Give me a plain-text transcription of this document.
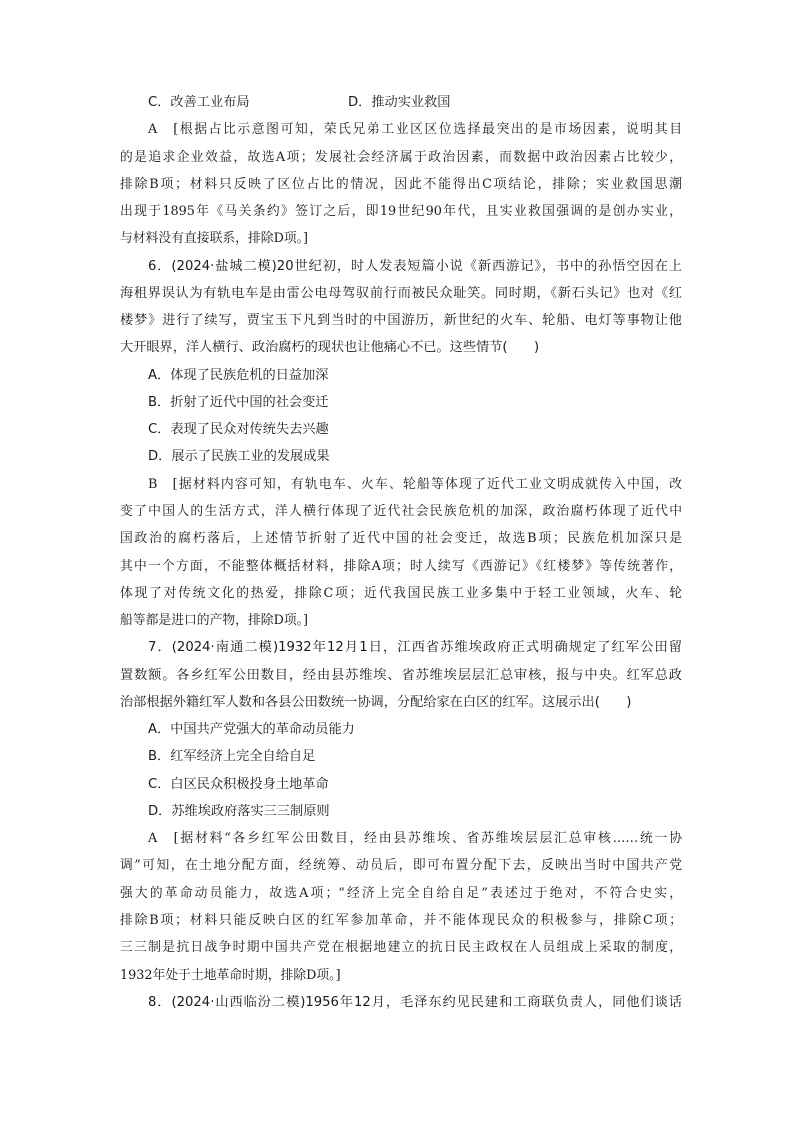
C．改善工业布局	D．推动实业救国
A　[根据占比示意图可知，荣氏兄弟工业区区位选择最突出的是市场因素，说明其目
的是追求企业效益，故选A项；发展社会经济属于政治因素，而数据中政治因素占比较少，
排除B项；材料只反映了区位占比的情况，因此不能得出C项结论，排除；实业救国思潮
出现于1895年《马关条约》签订之后，即19世纪90年代，且实业救国强调的是创办实业，
与材料没有直接联系，排除D项。]
6．(2024·盐城二模)20世纪初，时人发表短篇小说《新西游记》，书中的孙悟空因在上
海租界误认为有轨电车是由雷公电母驾驭前行而被民众耻笑。同时期，《新石头记》也对《红
楼梦》进行了续写，贾宝玉下凡到当时的中国游历，新世纪的火车、轮船、电灯等事物让他
大开眼界，洋人横行、政治腐朽的现状也让他痛心不已。这些情节(　　)
A．体现了民族危机的日益加深
B．折射了近代中国的社会变迁
C．表现了民众对传统失去兴趣
D．展示了民族工业的发展成果
B　[据材料内容可知，有轨电车、火车、轮船等体现了近代工业文明成就传入中国，改
变了中国人的生活方式，洋人横行体现了近代社会民族危机的加深，政治腐朽体现了近代中
国政治的腐朽落后，上述情节折射了近代中国的社会变迁，故选B项；民族危机加深只是
其中一个方面，不能整体概括材料，排除A项；时人续写《西游记》《红楼梦》等传统著作，
体现了对传统文化的热爱，排除C项；近代我国民族工业多集中于轻工业领域，火车、轮
船等都是进口的产物，排除D项。]
7．(2024·南通二模)1932年12月1日，江西省苏维埃政府正式明确规定了红军公田留
置数额。各乡红军公田数目，经由县苏维埃、省苏维埃层层汇总审核，报与中央。红军总政
治部根据外籍红军人数和各县公田数统一协调，分配给家在白区的红军。这展示出(　　)
A．中国共产党强大的革命动员能力
B．红军经济上完全自给自足
C．白区民众积极投身土地革命
D．苏维埃政府落实三三制原则
A　[据材料“各乡红军公田数目，经由县苏维埃、省苏维埃层层汇总审核……统一协
调”可知，在土地分配方面，经统筹、动员后，即可布置分配下去，反映出当时中国共产党
强大的革命动员能力，故选A项；“经济上完全自给自足”表述过于绝对，不符合史实，
排除B项；材料只能反映白区的红军参加革命，并不能体现民众的积极参与，排除C项；
三三制是抗日战争时期中国共产党在根据地建立的抗日民主政权在人员组成上采取的制度，
1932年处于土地革命时期，排除D项。]
8．(2024·山西临汾二模)1956年12月，毛泽东约见民建和工商联负责人，同他们谈话
